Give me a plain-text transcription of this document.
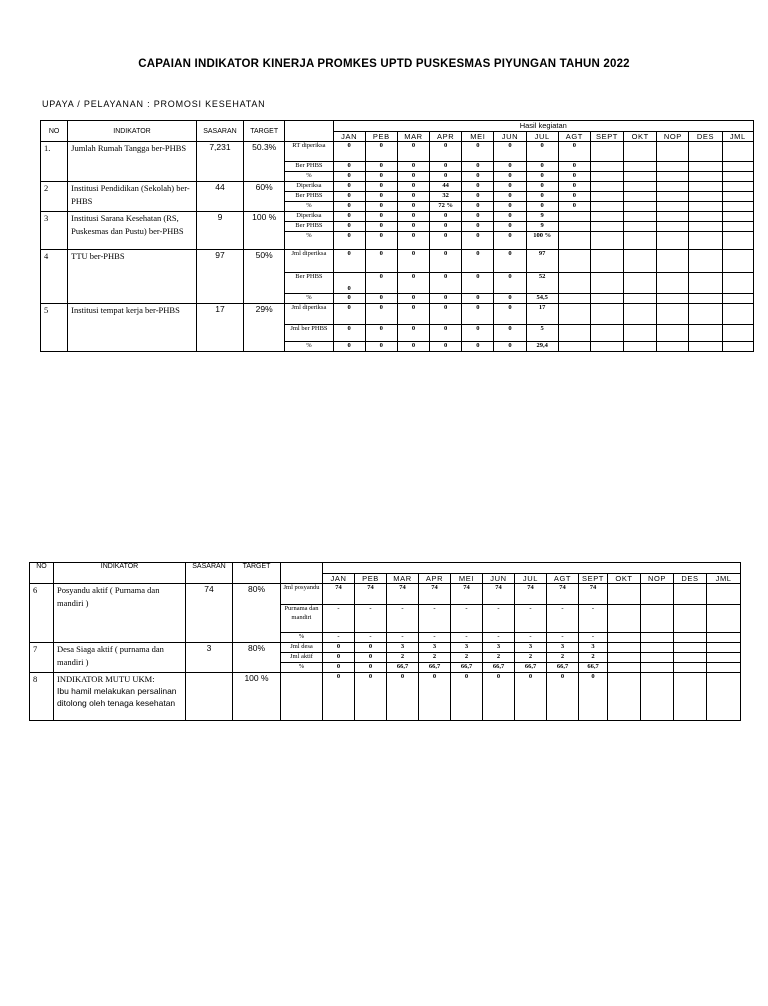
CAPAIAN INDIKATOR KINERJA PROMKES UPTD PUSKESMAS PIYUNGAN TAHUN 2022
UPAYA / PELAYANAN : PROMOSI KESEHATAN
NO	INDIKATOR	SASARAN	TARGET		Hasil kegiatan												
					JAN	PEB	MAR	APR	MEI	JUN	JUL	AGT	SEPT	OKT	NOP	DES	JML
1.	Jumlah Rumah Tangga ber-PHBS	7,231	50.3%	RT diperiksa	0	0	0	0	0	0	0	0					
				Ber PHBS	0	0	0	0	0	0	0	0					
				%	0	0	0	0	0	0	0	0					
2	Institusi Pendidikan (Sekolah) ber-PHBS	44	60%	Diperiksa	0	0	0	44	0	0	0	0					
				Ber PHBS	0	0	0	32	0	0	0	0					
				%	0	0	0	72 %	0	0	0	0					
3	Institusi Sarana Kesehatan (RS, Puskesmas dan Pustu) ber-PHBS	9	100 %	Diperiksa	0	0	0	0	0	0	9						
				Ber PHBS	0	0	0	0	0	0	9						
				%	0	0	0	0	0	0	100 %						
4	TTU ber-PHBS	97	50%	Jml diperiksa	0	0	0	0	0	0	97						
				Ber PHBS	0	0	0	0	0	0	52						
				%	0	0	0	0	0	0	54,5						
5	Institusi tempat kerja ber-PHBS	17	29%	Jml diperiksa	0	0	0	0	0	0	17						
				Jml ber PHBS	0	0	0	0	0	0	5						
				%	0	0	0	0	0	0	29,4						
NO	INDIKATOR	SASARAN	TARGET														
					JAN	PEB	MAR	APR	MEI	JUN	JUL	AGT	SEPT	OKT	NOP	DES	JML
6	Posyandu aktif ( Purnama dan mandiri )	74	80%	Jml posyandu	74	74	74	74	74	74	74	74	74				
				Purnama dan mandiri	-	-	-	-	-	-	-	-	-				
				%	-	-	-	-	-	-	-	-	-				
7	Desa Siaga aktif ( purnama dan mandiri )	3	80%	Jml desa	0	0	3	3	3	3	3	3	3				
				Jml aktif	0	0	2	2	2	2	2	2	2				
				%	0	0	66,7	66,7	66,7	66,7	66,7	66,7	66,7				
8	INDIKATOR MUTU UKM:
Ibu hamil melakukan persalinan ditolong oleh tenaga kesehatan		100 %		0	0	0	0	0	0	0	0	0				
